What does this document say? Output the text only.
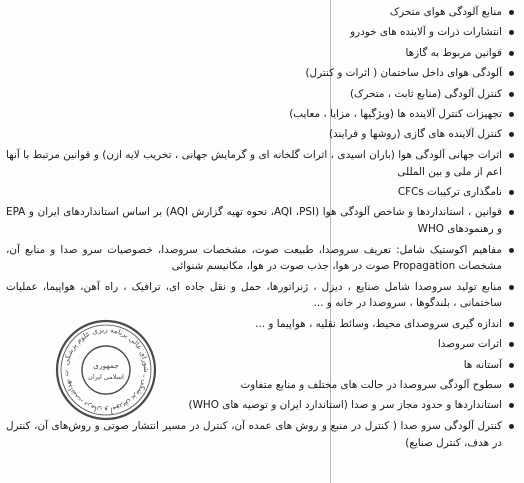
منابع آلودگی هوای متحرک
انتشارات ذرات و آلاینده های خودرو
قوانین مربوط به گازها
آلودگی هوای داخل ساختمان ( اثرات و کنترل)
کنترل آلودگی (منابع ثابت ، متحرک)
تجهیزات کنترل آلاینده ها (ویژگیها ، مزایا ، معایب)
کنترل آلاینده های گازی (روشها و فرایند)
اثرات جهانی آلودگی هوا (باران اسیدی ، اثرات گلخانه ای و گرمایش جهانی ، تخریب لایه ازن) و قوانین مرتبط با آنها اعم از ملی و بین المللی
نامگذاری ترکیبات CFCs
قوانین ، استانداردها و شاخص آلودگی هوا (AQI ،PSI، نحوه تهیه گزارش AQI) بر اساس استانداردهای ایران و EPA و رهنمودهای WHO
مفاهیم اکوستیک شامل: تعریف سروصدا، طبیعت صوت، مشخصات سروصدا، خصوصیات سرو صدا و منابع آن، مشخصات Propagation صوت در هوا، جذب صوت در هوا، مکانیسم شنوائی
منابع تولید سروصدا شامل صنایع ، دیزل ، ژنراتورها، حمل و نقل جاده ای، ترافیک ، راه آهن، هواپیما، عملیات ساختمانی ، بلندگوها ، سروصدا در خانه و ...
اندازه گیری سروصدای محیط، وسائط نقلیه ، هواپیما و ...
اثرات سروصدا
آستانه ها
سطوح آلودگی سروصدا در حالت های مختلف و منابع متفاوت
استانداردها و حدود مجاز سر و صدا (استاندارد ایران و توصیه های WHO)
کنترل آلودگی سرو صدا ( کنترل در منبع و روش های عمده آن، کنترل در مسیر انتشار صوتی و روش‌های آن، کنترل در هدف، کنترل صنایع)
ت بهداشت، درمان و آموزش پزشکی ـ شورای عالی برنامه ریزی علوم پزشکی
جمهوری
اسلامی ایران
